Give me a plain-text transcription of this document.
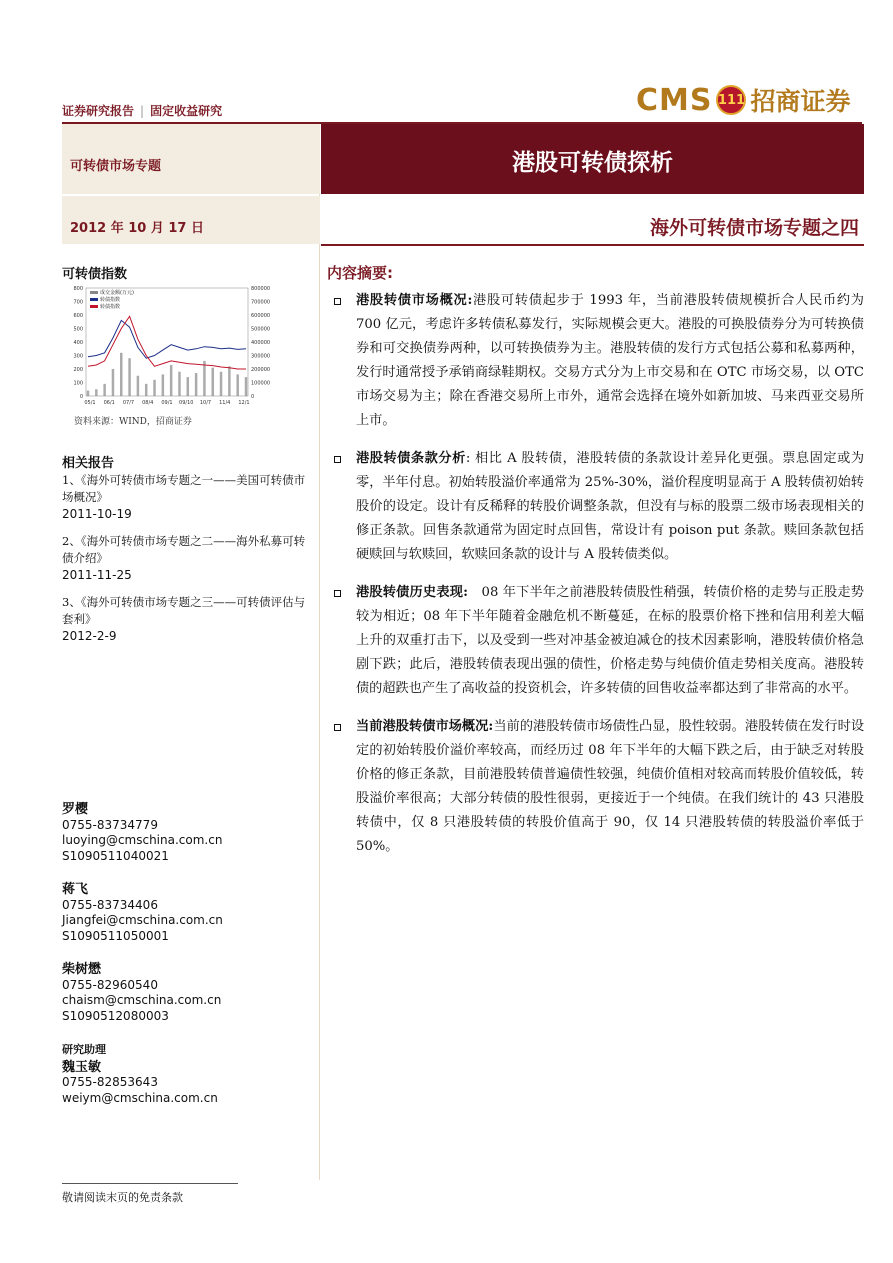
证券研究报告 | 固定收益研究	CMS 111 招商证券
可转债市场专题
2012 年 10 月 17 日
港股可转债探析
海外可转债市场专题之四
可转债指数
800
700
600
500
400
300
200
100
0
800000
700000
600000
500000
400000
300000
200000
100000
0
05/1 06/1 07/7 08/4 09/1 09/10 10/7 11/4 12/1
成交金额(万元)
转债指数
转债指数
资料来源：WIND，招商证券
相关报告
1、《海外可转债市场专题之一——美国可转债市场概况》
2011-10-19
2、《海外可转债市场专题之二——海外私募可转债介绍》
2011-11-25
3、《海外可转债市场专题之三——可转债评估与套利》
2012-2-9
罗樱
0755-83734779
luoying@cmschina.com.cn
S1090511040021
蒋飞
0755-83734406
Jiangfei@cmschina.com.cn
S1090511050001
柴树懋
0755-82960540
chaism@cmschina.com.cn
S1090512080003
研究助理
魏玉敏
0755-82853643
weiym@cmschina.com.cn
敬请阅读末页的免责条款
内容摘要:
港股转债市场概况:港股可转债起步于 1993 年，当前港股转债规模折合人民币约为 700 亿元，考虑许多转债私募发行，实际规模会更大。港股的可换股债券分为可转换债券和可交换债券两种，以可转换债券为主。港股转债的发行方式包括公募和私募两种，发行时通常授予承销商绿鞋期权。交易方式分为上市交易和在 OTC 市场交易，以 OTC 市场交易为主；除在香港交易所上市外，通常会选择在境外如新加坡、马来西亚交易所上市。
港股转债条款分析: 相比 A 股转债，港股转债的条款设计差异化更强。票息固定或为零，半年付息。初始转股溢价率通常为 25%-30%，溢价程度明显高于 A 股转债初始转股价的设定。设计有反稀释的转股价调整条款，但没有与标的股票二级市场表现相关的修正条款。回售条款通常为固定时点回售，常设计有 poison put 条款。赎回条款包括硬赎回与软赎回，软赎回条款的设计与 A 股转债类似。
港股转债历史表现:　08 年下半年之前港股转债股性稍强，转债价格的走势与正股走势较为相近；08 年下半年随着金融危机不断蔓延，在标的股票价格下挫和信用利差大幅上升的双重打击下，以及受到一些对冲基金被迫减仓的技术因素影响，港股转债价格急剧下跌；此后，港股转债表现出强的债性，价格走势与纯债价值走势相关度高。港股转债的超跌也产生了高收益的投资机会，许多转债的回售收益率都达到了非常高的水平。
当前港股转债市场概况:当前的港股转债市场债性凸显，股性较弱。港股转债在发行时设定的初始转股价溢价率较高，而经历过 08 年下半年的大幅下跌之后，由于缺乏对转股价格的修正条款，目前港股转债普遍债性较强，纯债价值相对较高而转股价值较低，转股溢价率很高；大部分转债的股性很弱，更接近于一个纯债。在我们统计的 43 只港股转债中，仅 8 只港股转债的转股价值高于 90，仅 14 只港股转债的转股溢价率低于 50%。
